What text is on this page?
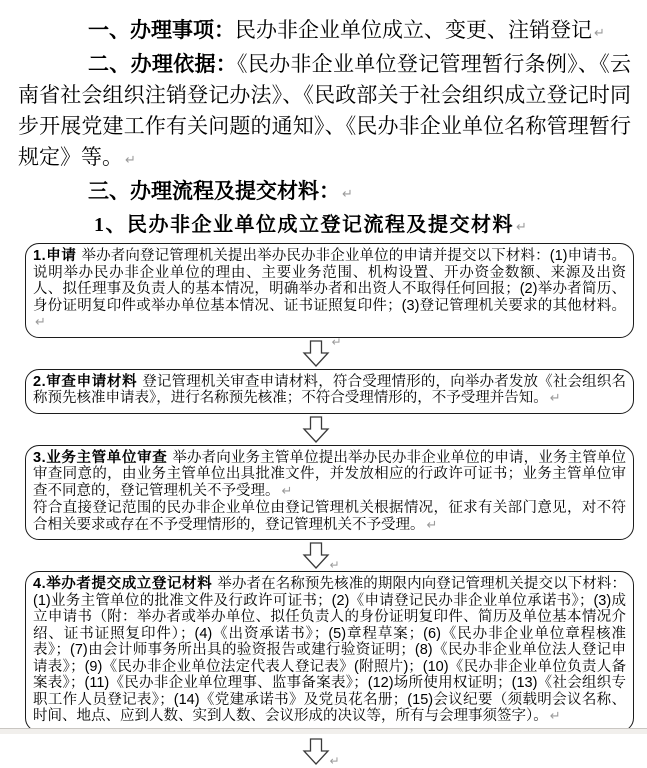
一、办理事项：民办非企业单位成立、变更、注销登记 ↵

二、办理依据：《民办非企业单位登记管理暂行条例》、《云南省社会组织注销登记办法》、《民政部关于社会组织成立登记时同步开展党建工作有关问题的通知》、《民办非企业单位名称管理暂行规定》等。 ↵

三、办理流程及提交材料： ↵

1、民办非企业单位成立登记流程及提交材料 ↵

1.申请 举办者向登记管理机关提出举办民办非企业单位的申请并提交以下材料：(1)申请书。说明举办民办非企业单位的理由、主要业务范围、机构设置、开办资金数额、来源及出资人、拟任理事及负责人的基本情况，明确举办者和出资人不取得任何回报；(2)举办者简历、身份证明复印件或举办单位基本情况、证书证照复印件；(3)登记管理机关要求的其他材料。↵

↵

2.审查申请材料 登记管理机关审查申请材料，符合受理情形的，向举办者发放《社会组织名称预先核准申请表》，进行名称预先核准；不符合受理情形的，不予受理并告知。 ↵

3.业务主管单位审查 举办者向业务主管单位提出举办民办非企业单位的申请，业务主管单位审查同意的，由业务主管单位出具批准文件，并发放相应的行政许可证书；业务主管单位审查不同意的，登记管理机关不予受理。 ↵

符合直接登记范围的民办非企业单位由登记管理机关根据情况，征求有关部门意见，对不符合相关要求或存在不予受理情形的，登记管理机关不予受理。 ↵

↵

4.举办者提交成立登记材料 举办者在名称预先核准的期限内向登记管理机关提交以下材料：(1)业务主管单位的批准文件及行政许可证书；(2)《申请登记民办非企业单位承诺书》；(3)成立申请书（附：举办者或举办单位、拟任负责人的身份证明复印件、简历及单位基本情况介绍、证书证照复印件）；(4)《出资承诺书》；(5)章程草案；(6)《民办非企业单位章程核准表》；(7)由会计师事务所出具的验资报告或建行验资证明；(8)《民办非企业单位法人登记申请表》；(9)《民办非企业单位法定代表人登记表》(附照片)；(10)《民办非企业单位负责人备案表》；(11)《民办非企业单位理事、监事备案表》；(12)场所使用权证明；(13)《社会组织专职工作人员登记表》；(14)《党建承诺书》及党员花名册；(15)会议纪要（须载明会议名称、时间、地点、应到人数、实到人数、会议形成的决议等，所有与会理事须签字）。 ↵

↵
